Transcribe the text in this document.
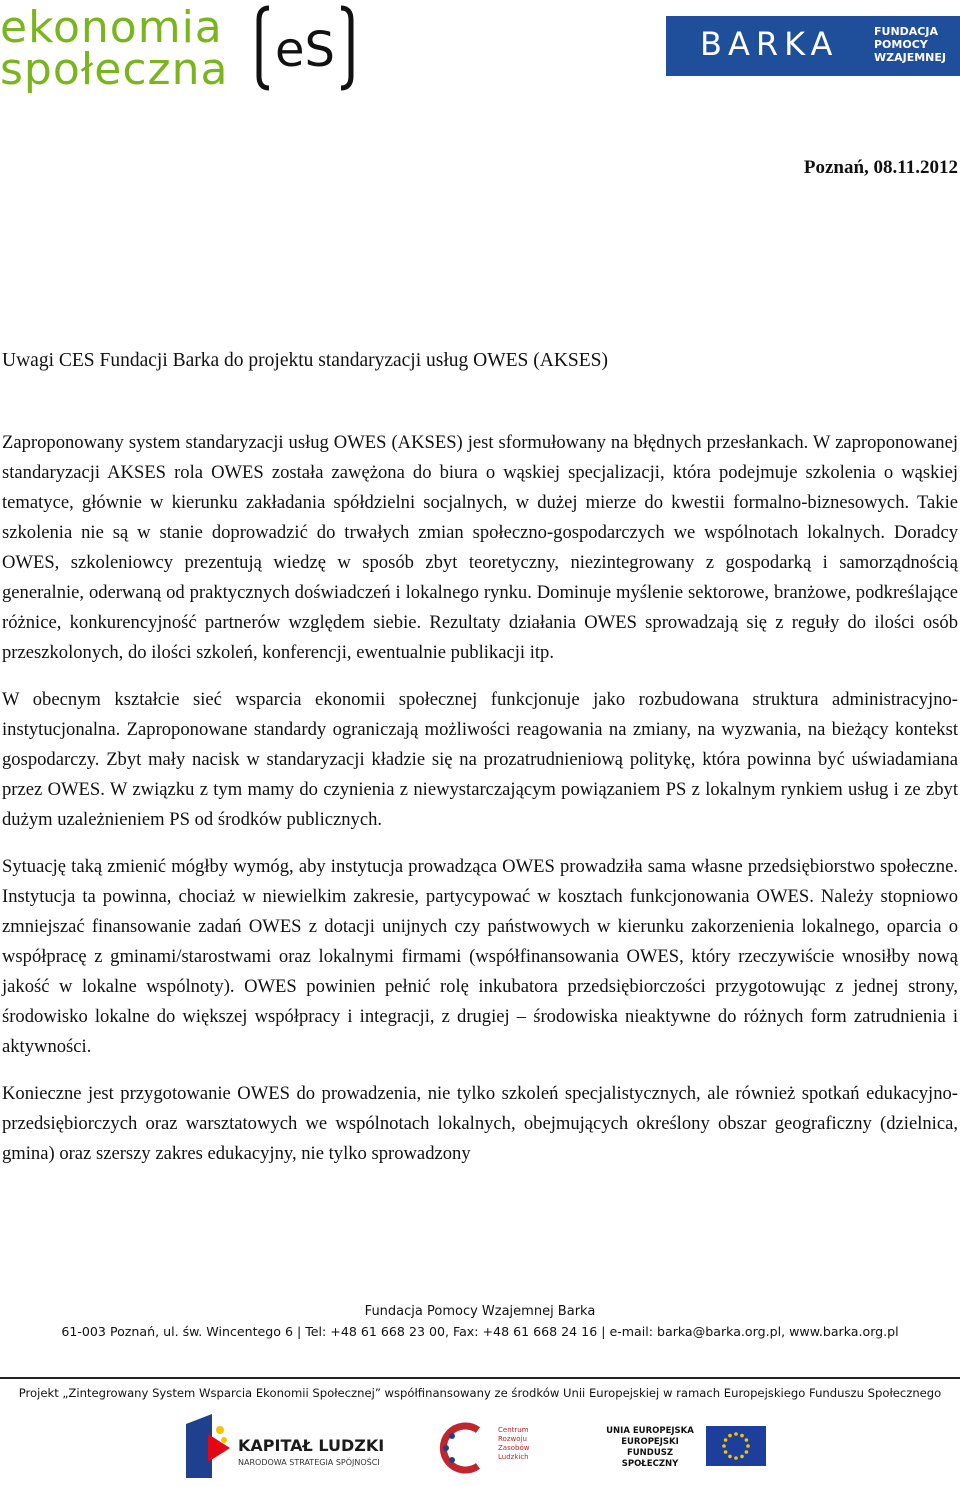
ekonomia
społeczna eS	BARKA	FUNDACJA
POMOCY
WZAJEMNEJ
Poznań, 08.11.2012
Uwagi CES Fundacji Barka do projektu standaryzacji usług OWES (AKSES)

Zaproponowany system standaryzacji usług OWES (AKSES) jest sformułowany na błędnych przesłankach. W zaproponowanej standaryzacji AKSES rola OWES została zawężona do biura o wąskiej specjalizacji, która podejmuje szkolenia o wąskiej tematyce, głównie w kierunku zakładania spółdzielni socjalnych, w dużej mierze do kwestii formalno-biznesowych. Takie szkolenia nie są w stanie doprowadzić do trwałych zmian społeczno-gospodarczych we wspólnotach lokalnych. Doradcy OWES, szkoleniowcy prezentują wiedzę w sposób zbyt teoretyczny, niezintegrowany z gospodarką i samorządnością generalnie, oderwaną od praktycznych doświadczeń i lokalnego rynku. Dominuje myślenie sektorowe, branżowe, podkreślające różnice, konkurencyjność partnerów względem siebie. Rezultaty działania OWES sprowadzają się z reguły do ilości osób przeszkolonych, do ilości szkoleń, konferencji, ewentualnie publikacji itp.

W obecnym kształcie sieć wsparcia ekonomii społecznej funkcjonuje jako rozbudowana struktura administracyjno-instytucjonalna. Zaproponowane standardy ograniczają możliwości reagowania na zmiany, na wyzwania, na bieżący kontekst gospodarczy. Zbyt mały nacisk w standaryzacji kładzie się na prozatrudnieniową politykę, która powinna być uświadamiana przez OWES. W związku z tym mamy do czynienia z niewystarczającym powiązaniem PS z lokalnym rynkiem usług i ze zbyt dużym uzależnieniem PS od środków publicznych.

Sytuację taką zmienić mógłby wymóg, aby instytucja prowadząca OWES prowadziła sama własne przedsiębiorstwo społeczne. Instytucja ta powinna, chociaż w niewielkim zakresie, partycypować w kosztach funkcjonowania OWES. Należy stopniowo zmniejszać finansowanie zadań OWES z dotacji unijnych czy państwowych w kierunku zakorzenienia lokalnego, oparcia o współpracę z gminami/starostwami oraz lokalnymi firmami (współfinansowania OWES, który rzeczywiście wnosiłby nową jakość w lokalne wspólnoty). OWES powinien pełnić rolę inkubatora przedsiębiorczości przygotowując z jednej strony, środowisko lokalne do większej współpracy i integracji, z drugiej – środowiska nieaktywne do różnych form zatrudnienia i aktywności.

Konieczne jest przygotowanie OWES do prowadzenia, nie tylko szkoleń specjalistycznych, ale również spotkań edukacyjno-przedsiębiorczych oraz warsztatowych we wspólnotach lokalnych, obejmujących określony obszar geograficzny (dzielnica, gmina) oraz szerszy zakres edukacyjny, nie tylko sprowadzony

Fundacja Pomocy Wzajemnej Barka
61-003 Poznań, ul. św. Wincentego 6 | Tel: +48 61 668 23 00, Fax: +48 61 668 24 16 | e-mail: barka@barka.org.pl, www.barka.org.pl
Projekt „Zintegrowany System Wsparcia Ekonomii Społecznej” współfinansowany ze środków Unii Europejskiej w ramach Europejskiego Funduszu Społecznego
KAPITAŁ LUDZKI
NARODOWA STRATEGIA SPÓJNOŚCI
Centrum
Rozwoju
Zasobów
Ludzkich
UNIA EUROPEJSKA
EUROPEJSKI
FUNDUSZ SPOŁECZNY
